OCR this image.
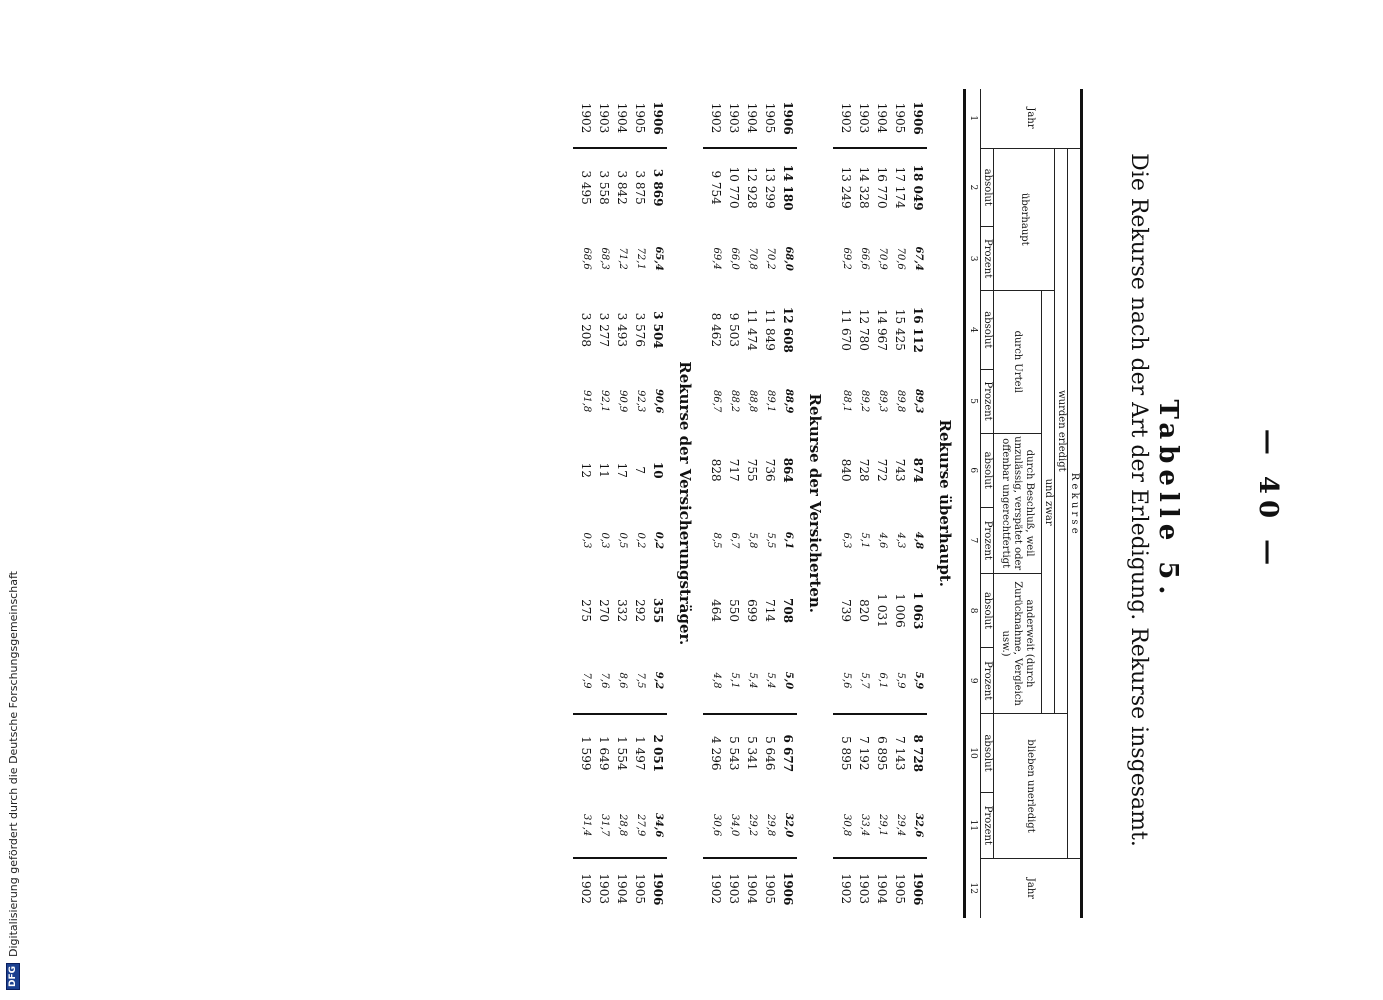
DFG
Digitalisierung gefördert durch die Deutsche Forschungsgemeinschaft
— 40 —
Tabelle 5.
Die Rekurse nach der Art der Erledigung. Rekurse insgesamt.
Jahr	R e k u r s e										Jahr
	wurden erledigt								blieben unerledigt		
	überhaupt		und zwar								
			durch Urteil		durch Beschluß, weil unzulässig, verspätet oder offenbar ungerechtfertigt		anderweit (durch Zurücknahme, Vergleich usw.)				
	absolut	Prozent	absolut	Prozent	absolut	Prozent	absolut	Prozent	absolut	Prozent	
1	2	3	4	5	6	7	8	9	10	11	12
Rekurse überhaupt.											
1906	18 049	67,4	16 112	89,3	874	4,8	1 063	5,9	8 728	32,6	1906
1905	17 174	70,6	15 425	89,8	743	4,3	1 006	5,9	7 143	29,4	1905
1904	16 770	70,9	14 967	89,3	772	4,6	1 031	6,1	6 895	29,1	1904
1903	14 328	66,6	12 780	89,2	728	5,1	820	5,7	7 192	33,4	1903
1902	13 249	69,2	11 670	88,1	840	6,3	739	5,6	5 895	30,8	1902
Rekurse der Versicherten.											
1906	14 180	68,0	12 608	88,9	864	6,1	708	5,0	6 677	32,0	1906
1905	13 299	70,2	11 849	89,1	736	5,5	714	5,4	5 646	29,8	1905
1904	12 928	70,8	11 474	88,8	755	5,8	699	5,4	5 341	29,2	1904
1903	10 770	66,0	9 503	88,2	717	6,7	550	5,1	5 543	34,0	1903
1902	9 754	69,4	8 462	86,7	828	8,5	464	4,8	4 296	30,6	1902
Rekurse der Versicherungsträger.											
1906	3 869	65,4	3 504	90,6	10	0,2	355	9,2	2 051	34,6	1906
1905	3 875	72,1	3 576	92,3	7	0,2	292	7,5	1 497	27,9	1905
1904	3 842	71,2	3 493	90,9	17	0,5	332	8,6	1 554	28,8	1904
1903	3 558	68,3	3 277	92,1	11	0,3	270	7,6	1 649	31,7	1903
1902	3 495	68,6	3 208	91,8	12	0,3	275	7,9	1 599	31,4	1902
